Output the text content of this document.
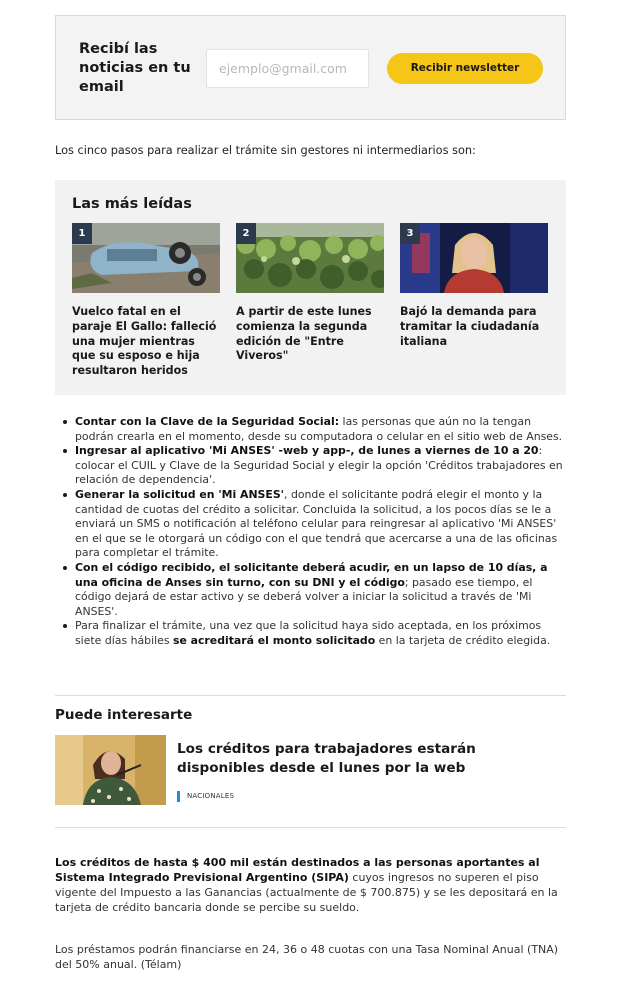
Recibí las noticias en tu email
ejemplo@gmail.com
Recibir newsletter

Los cinco pasos para realizar el trámite sin gestores ni intermediarios son:

Las más leídas
1
Vuelco fatal en el paraje El Gallo: falleció una mujer mientras que su esposo e hija resultaron heridos
2
A partir de este lunes comienza la segunda edición de "Entre Viveros"
3
Bajó la demanda para tramitar la ciudadanía italiana
Contar con la Clave de la Seguridad Social: las personas que aún no la tengan podrán crearla en el momento, desde su computadora o celular en el sitio web de Anses.
Ingresar al aplicativo 'Mi ANSES' -web y app-, de lunes a viernes de 10 a 20: colocar el CUIL y Clave de la Seguridad Social y elegir la opción 'Créditos trabajadores en relación de dependencia'.
Generar la solicitud en 'Mi ANSES', donde el solicitante podrá elegir el monto y la cantidad de cuotas del crédito a solicitar. Concluida la solicitud, a los pocos días se le a enviará un SMS o notificación al teléfono celular para reingresar al aplicativo 'Mi ANSES' en el que se le otorgará un código con el que tendrá que acercarse a una de las oficinas para completar el trámite.
Con el código recibido, el solicitante deberá acudir, en un lapso de 10 días, a una oficina de Anses sin turno, con su DNI y el código; pasado ese tiempo, el código dejará de estar activo y se deberá volver a iniciar la solicitud a través de 'Mi ANSES'.
Para finalizar el trámite, una vez que la solicitud haya sido aceptada, en los próximos siete días hábiles se acreditará el monto solicitado en la tarjeta de crédito elegida.
Puede interesarte
Los créditos para trabajadores estarán disponibles desde el lunes por la web
NACIONALES

Los créditos de hasta $ 400 mil están destinados a las personas aportantes al Sistema Integrado Previsional Argentino (SIPA) cuyos ingresos no superen el piso vigente del Impuesto a las Ganancias (actualmente de $ 700.875) y se les depositará en la tarjeta de crédito bancaria donde se percibe su sueldo.

Los préstamos podrán financiarse en 24, 36 o 48 cuotas con una Tasa Nominal Anual (TNA) del 50% anual. (Télam)
